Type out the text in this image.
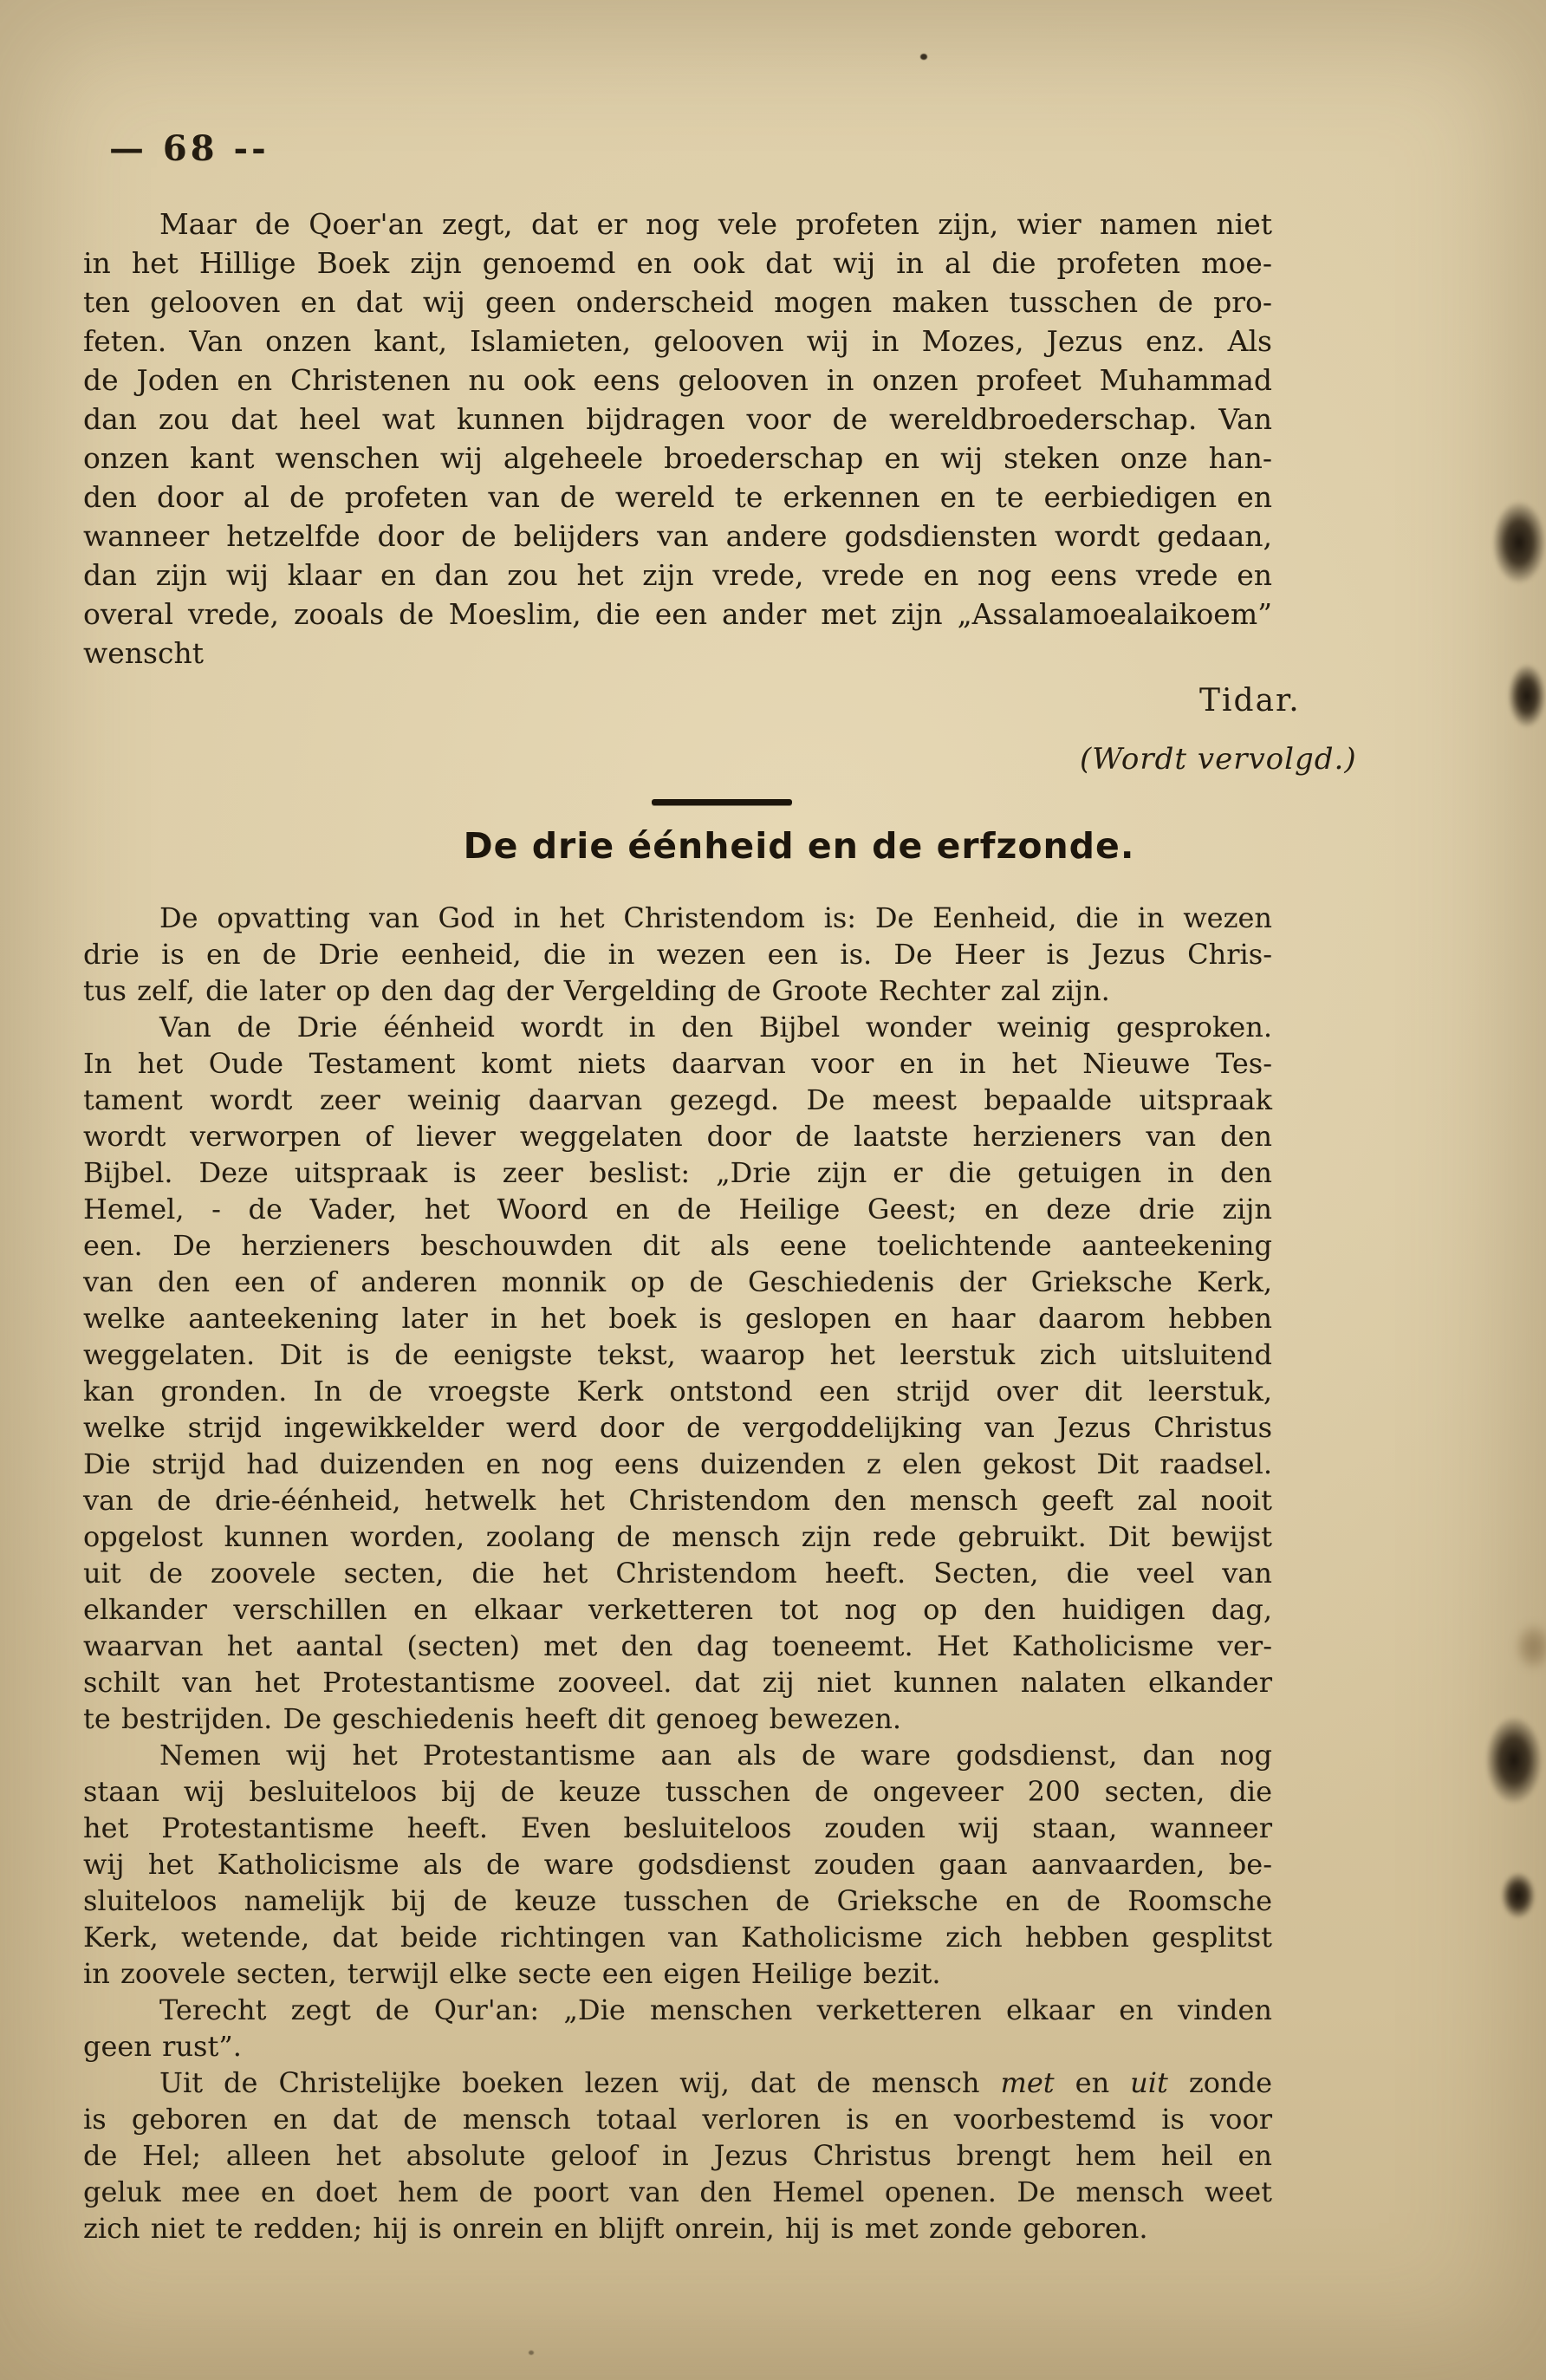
— 68 --
Maar de Qoer'an zegt, dat er nog vele profeten zijn, wier namen niet
in het Hillige Boek zijn genoemd en ook dat wij in al die profeten moe-
ten gelooven en dat wij geen onderscheid mogen maken tusschen de pro-
feten. Van onzen kant, Islamieten, gelooven wij in Mozes, Jezus enz. Als
de Joden en Christenen nu ook eens gelooven in onzen profeet Muhammad
dan zou dat heel wat kunnen bijdragen voor de wereldbroederschap. Van
onzen kant wenschen wij algeheele broederschap en wij steken onze han-
den door al de profeten van de wereld te erkennen en te eerbiedigen en
wanneer hetzelfde door de belijders van andere godsdiensten wordt gedaan,
dan zijn wij klaar en dan zou het zijn vrede, vrede en nog eens vrede en
overal vrede, zooals de Moeslim, die een ander met zijn „Assalamoealaikoem”
wenscht
Tidar.
(Wordt vervolgd.)
De drie éénheid en de erfzonde.
De opvatting van God in het Christendom is: De Eenheid, die in wezen
drie is en de Drie eenheid, die in wezen een is. De Heer is Jezus Chris-
tus zelf, die later op den dag der Vergelding de Groote Rechter zal zijn.
Van de Drie éénheid wordt in den Bijbel wonder weinig gesproken.
In het Oude Testament komt niets daarvan voor en in het Nieuwe Tes-
tament wordt zeer weinig daarvan gezegd. De meest bepaalde uitspraak
wordt verworpen of liever weggelaten door de laatste herzieners van den
Bijbel. Deze uitspraak is zeer beslist: „Drie zijn er die getuigen in den
Hemel, - de Vader, het Woord en de Heilige Geest; en deze drie zijn
een. De herzieners beschouwden dit als eene toelichtende aanteekening
van den een of anderen monnik op de Geschiedenis der Grieksche Kerk,
welke aanteekening later in het boek is geslopen en haar daarom hebben
weggelaten. Dit is de eenigste tekst, waarop het leerstuk zich uitsluitend
kan gronden. In de vroegste Kerk ontstond een strijd over dit leerstuk,
welke strijd ingewikkelder werd door de vergoddelijking van Jezus Christus
Die strijd had duizenden en nog eens duizenden z elen gekost Dit raadsel.
van de drie-éénheid, hetwelk het Christendom den mensch geeft zal nooit
opgelost kunnen worden, zoolang de mensch zijn rede gebruikt. Dit bewijst
uit de zoovele secten, die het Christendom heeft. Secten, die veel van
elkander verschillen en elkaar verketteren tot nog op den huidigen dag,
waarvan het aantal (secten) met den dag toeneemt. Het Katholicisme ver-
schilt van het Protestantisme zooveel. dat zij niet kunnen nalaten elkander
te bestrijden. De geschiedenis heeft dit genoeg bewezen.
Nemen wij het Protestantisme aan als de ware godsdienst, dan nog
staan wij besluiteloos bij de keuze tusschen de ongeveer 200 secten, die
het Protestantisme heeft. Even besluiteloos zouden wij staan, wanneer
wij het Katholicisme als de ware godsdienst zouden gaan aanvaarden, be-
sluiteloos namelijk bij de keuze tusschen de Grieksche en de Roomsche
Kerk, wetende, dat beide richtingen van Katholicisme zich hebben gesplitst
in zoovele secten, terwijl elke secte een eigen Heilige bezit.
Terecht zegt de Qur'an: „Die menschen verketteren elkaar en vinden
geen rust”.
Uit de Christelijke boeken lezen wij, dat de mensch met en uit zonde
is geboren en dat de mensch totaal verloren is en voorbestemd is voor
de Hel; alleen het absolute geloof in Jezus Christus brengt hem heil en
geluk mee en doet hem de poort van den Hemel openen. De mensch weet
zich niet te redden; hij is onrein en blijft onrein, hij is met zonde geboren.
